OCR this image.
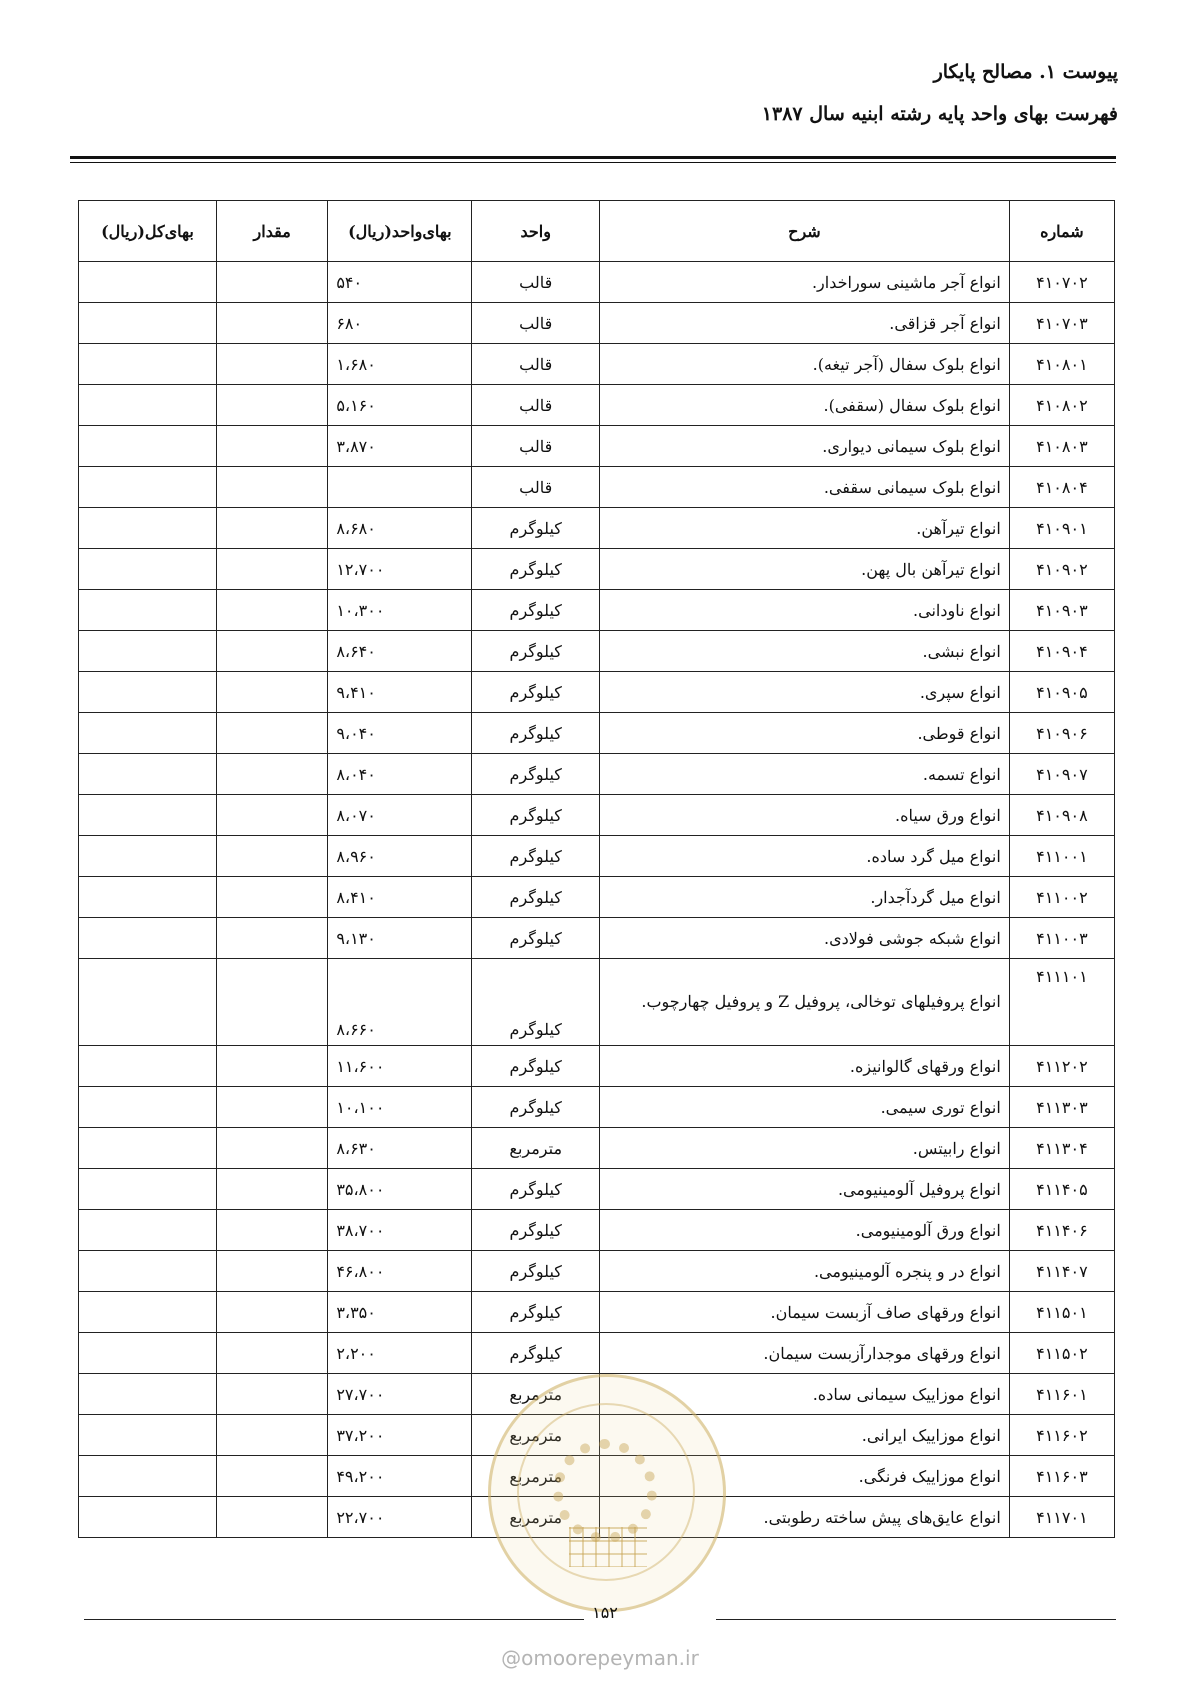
پیوست ۱. مصالح پایکار
فهرست بهای واحد پایه رشته ابنیه سال ۱۳۸۷
شماره	شرح	واحد	بهای‌واحد(ریال)	مقدار	بهای‌کل(ریال)
۴۱۰۷۰۲	انواع آجر ماشینی سوراخدار.	قالب	۵۴۰		
۴۱۰۷۰۳	انواع آجر قزاقی.	قالب	۶۸۰		
۴۱۰۸۰۱	انواع بلوک سفال (آجر تیغه).	قالب	۱،۶۸۰		
۴۱۰۸۰۲	انواع بلوک سفال (سقفی).	قالب	۵،۱۶۰		
۴۱۰۸۰۳	انواع بلوک سیمانی دیواری.	قالب	۳،۸۷۰		
۴۱۰۸۰۴	انواع بلوک سیمانی سقفی.	قالب			
۴۱۰۹۰۱	انواع تیرآهن.	کیلوگرم	۸،۶۸۰		
۴۱۰۹۰۲	انواع تیرآهن بال پهن.	کیلوگرم	۱۲،۷۰۰		
۴۱۰۹۰۳	انواع ناودانی.	کیلوگرم	۱۰،۳۰۰		
۴۱۰۹۰۴	انواع نبشی.	کیلوگرم	۸،۶۴۰		
۴۱۰۹۰۵	انواع سپری.	کیلوگرم	۹،۴۱۰		
۴۱۰۹۰۶	انواع قوطی.	کیلوگرم	۹،۰۴۰		
۴۱۰۹۰۷	انواع تسمه.	کیلوگرم	۸،۰۴۰		
۴۱۰۹۰۸	انواع ورق سیاه.	کیلوگرم	۸،۰۷۰		
۴۱۱۰۰۱	انواع میل گرد ساده.	کیلوگرم	۸،۹۶۰		
۴۱۱۰۰۲	انواع میل گردآجدار.	کیلوگرم	۸،۴۱۰		
۴۱۱۰۰۳	انواع شبکه جوشی فولادی.	کیلوگرم	۹،۱۳۰		
۴۱۱۱۰۱	انواع پروفیلهای توخالی، پروفیل Z و پروفیل چهارچوب.	کیلوگرم	۸،۶۶۰		
۴۱۱۲۰۲	انواع ورقهای گالوانیزه.	کیلوگرم	۱۱،۶۰۰		
۴۱۱۳۰۳	انواع توری سیمی.	کیلوگرم	۱۰،۱۰۰		
۴۱۱۳۰۴	انواع رابیتس.	مترمربع	۸،۶۳۰		
۴۱۱۴۰۵	انواع پروفیل آلومینیومی.	کیلوگرم	۳۵،۸۰۰		
۴۱۱۴۰۶	انواع ورق آلومینیومی.	کیلوگرم	۳۸،۷۰۰		
۴۱۱۴۰۷	انواع در و پنجره آلومینیومی.	کیلوگرم	۴۶،۸۰۰		
۴۱۱۵۰۱	انواع ورقهای صاف آزبست سیمان.	کیلوگرم	۳،۳۵۰		
۴۱۱۵۰۲	انواع ورقهای موجدارآزبست سیمان.	کیلوگرم	۲،۲۰۰		
۴۱۱۶۰۱	انواع موزاییک سیمانی ساده.	مترمربع	۲۷،۷۰۰		
۴۱۱۶۰۲	انواع موزاییک ایرانی.	مترمربع	۳۷،۲۰۰		
۴۱۱۶۰۳	انواع موزاییک فرنگی.	مترمربع	۴۹،۲۰۰		
۴۱۱۷۰۱	انواع عایق‌های پیش ساخته رطوبتی.	مترمربع	۲۲،۷۰۰		
۱۵۲
@omoorepeyman.ir
